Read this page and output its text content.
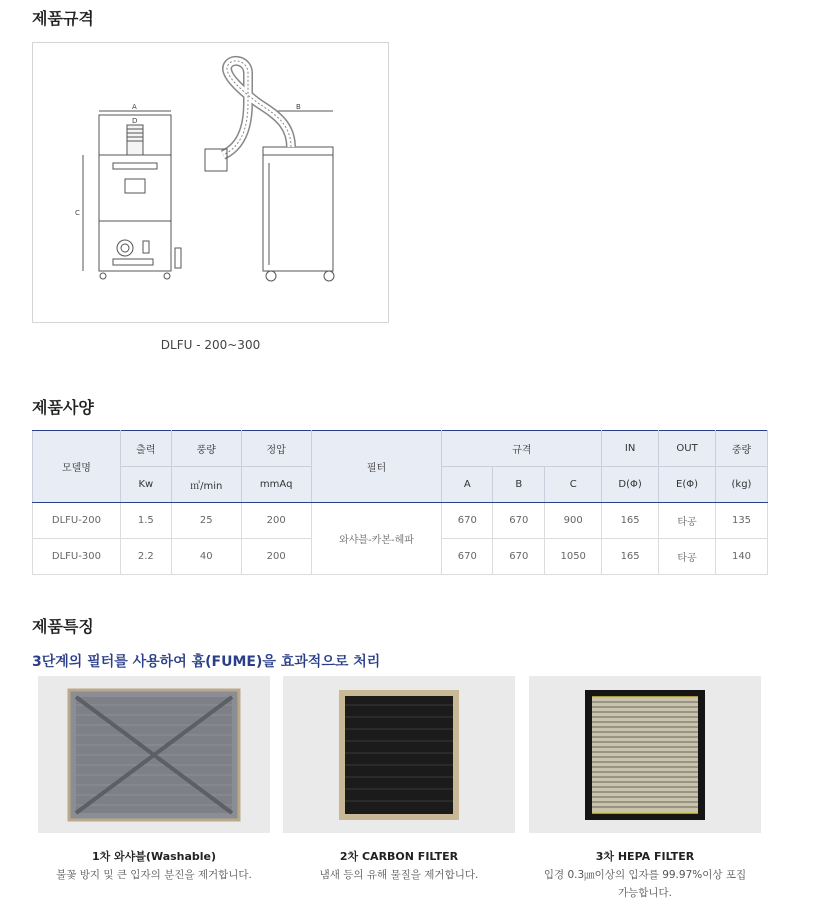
제품규격
A	B
C
D
DLFU - 200~300
제품사양
모델명	출력	풍량	정압	필터	규격			IN	OUT	중량
	Kw	㎥/min	mmAq		A	B	C	D(Φ)	E(Φ)	(kg)
DLFU-200	1.5	25	200	와샤블-카본-헤파	670	670	900	165	타공	135
DLFU-300	2.2	40	200		670	670	1050	165	타공	140
제품특징
3단계의 필터를 사용하여 흄(FUME)을 효과적으로 처리
1차 와샤블(Washable)
불꽃 방지 및 큰 입자의 분진을 제거합니다.
2차 CARBON FILTER
냄새 등의 유해 물질을 제거합니다.
3차 HEPA FILTER
입경 0.3㎛이상의 입자를 99.97%이상 포집 가능합니다.
